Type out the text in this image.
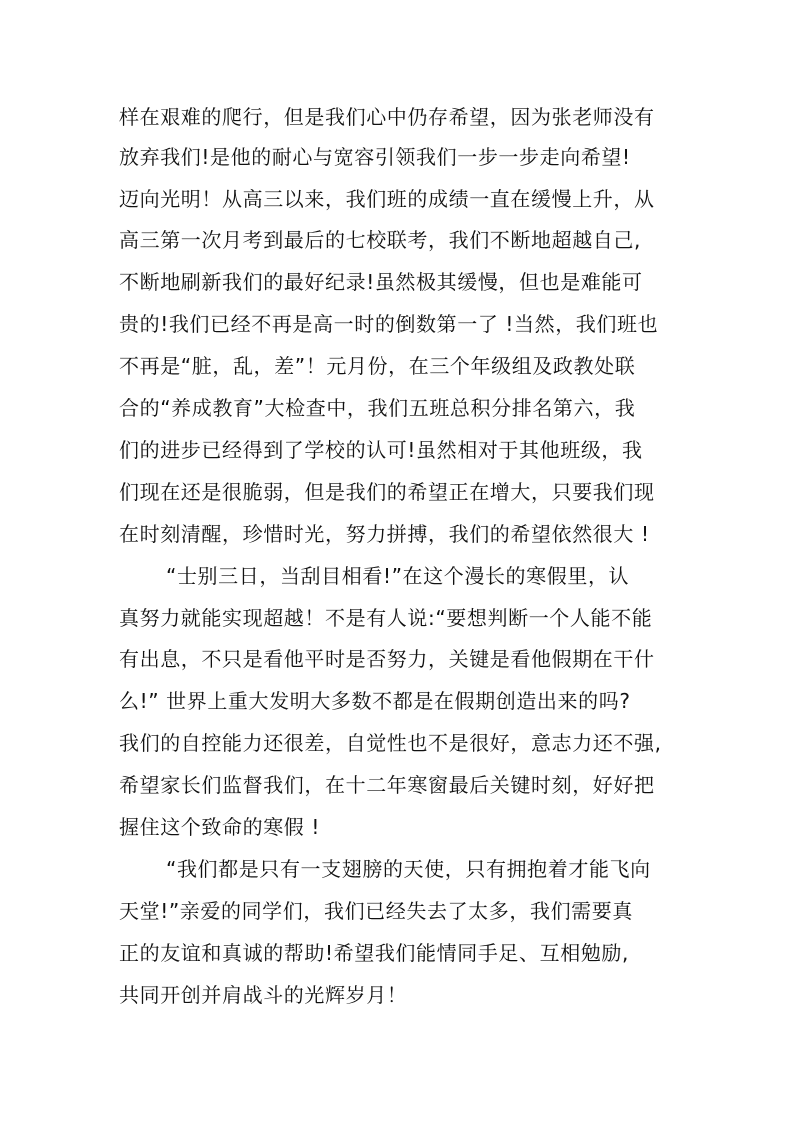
样在艰难的爬行，但是我们心中仍存希望，因为张老师没有
放弃我们!是他的耐心与宽容引领我们一步一步走向希望!
迈向光明！从高三以来，我们班的成绩一直在缓慢上升，从
高三第一次月考到最后的七校联考，我们不断地超越自己,
不断地刷新我们的最好纪录!虽然极其缓慢，但也是难能可
贵的!我们已经不再是高一时的倒数第一了 !当然，我们班也
不再是“脏，乱，差”！元月份，在三个年级组及政教处联
合的“养成教育”大检查中，我们五班总积分排名第六，我
们的进步已经得到了学校的认可!虽然相对于其他班级，我
们现在还是很脆弱，但是我们的希望正在增大，只要我们现
在时刻清醒，珍惜时光，努力拼搏，我们的希望依然很大 !
“士别三日，当刮目相看!”在这个漫长的寒假里，认
真努力就能实现超越！不是有人说:“要想判断一个人能不能
有出息，不只是看他平时是否努力，关键是看他假期在干什
么!” 世界上重大发明大多数不都是在假期创造出来的吗?
我们的自控能力还很差，自觉性也不是很好，意志力还不强,
希望家长们监督我们，在十二年寒窗最后关键时刻，好好把
握住这个致命的寒假 !
“我们都是只有一支翅膀的天使，只有拥抱着才能飞向
天堂!”亲爱的同学们，我们已经失去了太多，我们需要真
正的友谊和真诚的帮助!希望我们能情同手足、互相勉励,
共同开创并肩战斗的光辉岁月！
